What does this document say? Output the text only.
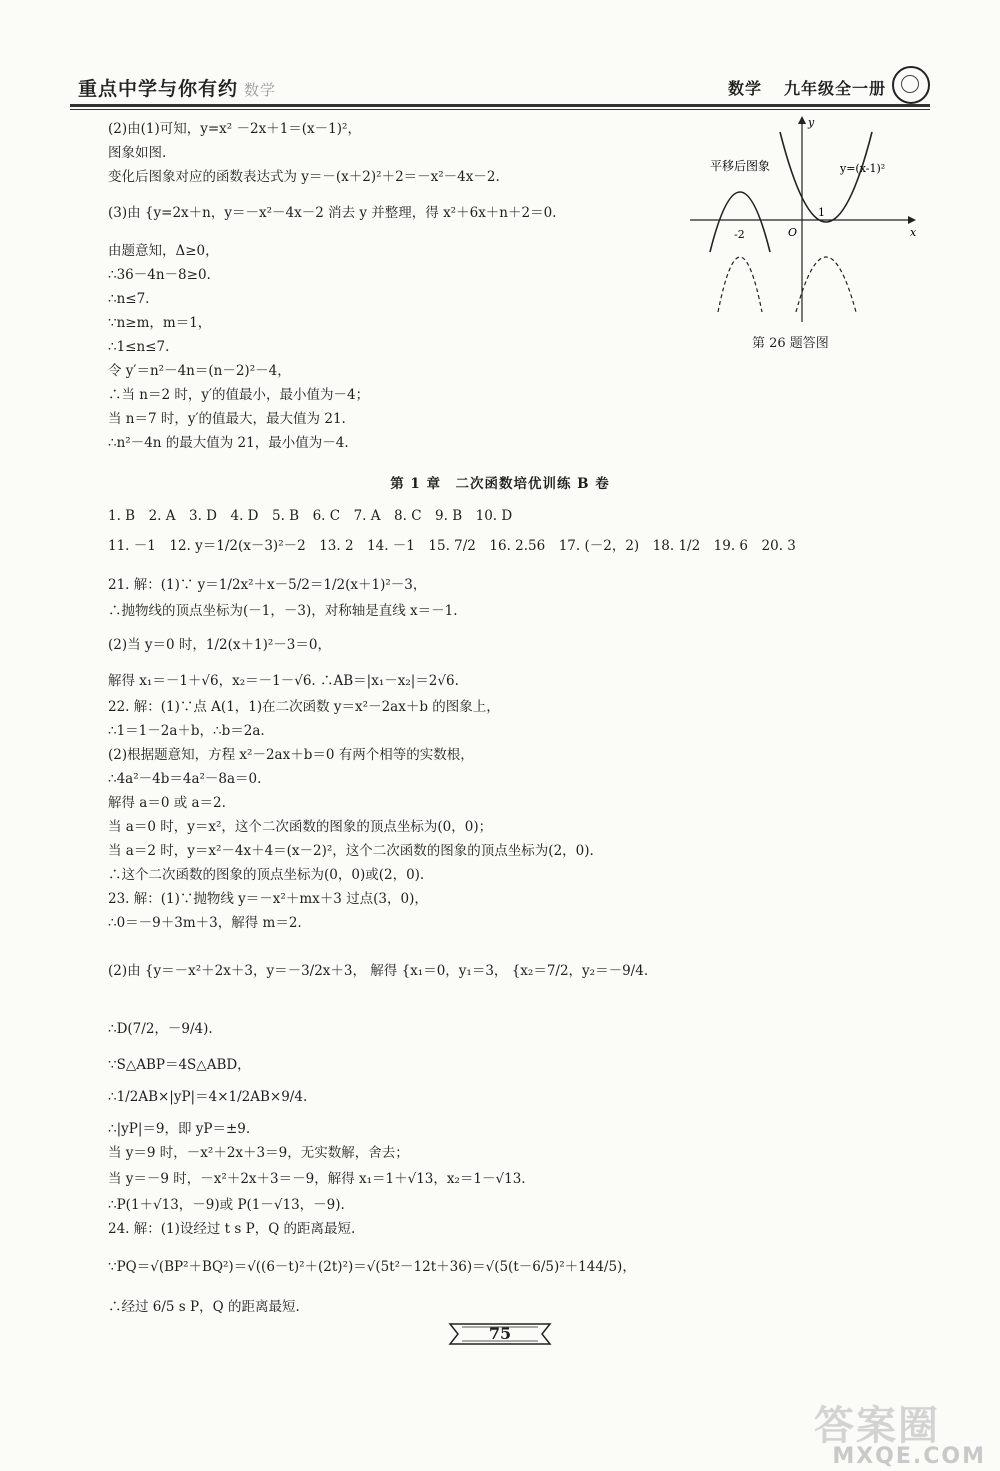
重点中学与你有约 数学	数学 九年级全一册
(2)由(1)可知，y=x² －2x＋1＝(x－1)²，
图象如图.
变化后图象对应的函数表达式为 y＝－(x＋2)²＋2＝－x²－4x－2.
(3)由 {y=2x＋n，y＝－x²－4x－2 消去 y 并整理，得 x²＋6x＋n＋2＝0.
由题意知，Δ≥0，
∴36－4n－8≥0.
∴n≤7.
∵n≥m，m＝1，
∴1≤n≤7.
令 y′＝n²－4n＝(n－2)²－4，
∴当 n＝2 时，y′的值最小，最小值为－4；
当 n＝7 时，y′的值最大，最大值为 21.
∴n²－4n 的最大值为 21，最小值为－4.
平移后图象	y=(x-1)²
x
y
-2	O
1
第 26 题答图
第 1 章　二次函数培优训练 B 卷
1. B　2. A　3. D　4. D　5. B　6. C　7. A　8. C　9. B　10. D
11. －1　12. y＝1/2(x－3)²－2　13. 2　14. －1　15. 7/2　16. 2.56　17. (－2，2)　18. 1/2　19. 6　20. 3
21. 解：(1)∵ y＝1/2x²＋x－5/2＝1/2(x＋1)²－3，
∴抛物线的顶点坐标为(－1，－3)，对称轴是直线 x＝－1.
(2)当 y＝0 时，1/2(x＋1)²－3＝0，
解得 x₁＝－1＋√6，x₂＝－1－√6. ∴AB＝|x₁－x₂|＝2√6.
22. 解：(1)∵点 A(1，1)在二次函数 y＝x²－2ax＋b 的图象上，
∴1＝1－2a＋b，∴b＝2a.
(2)根据题意知，方程 x²－2ax＋b＝0 有两个相等的实数根，
∴4a²－4b＝4a²－8a＝0.
解得 a＝0 或 a＝2.
当 a＝0 时，y＝x²，这个二次函数的图象的顶点坐标为(0，0)；
当 a＝2 时，y＝x²－4x＋4＝(x－2)²，这个二次函数的图象的顶点坐标为(2，0).
∴这个二次函数的图象的顶点坐标为(0，0)或(2，0).
23. 解：(1)∵抛物线 y＝－x²＋mx＋3 过点(3，0)，
∴0＝－9＋3m＋3，解得 m＝2.
(2)由 {y＝－x²＋2x＋3，y＝－3/2x＋3， 解得 {x₁＝0，y₁＝3， {x₂＝7/2，y₂＝－9/4.
∴D(7/2，－9/4).
∵S△ABP＝4S△ABD，
∴1/2AB×|yP|＝4×1/2AB×9/4.
∴|yP|＝9，即 yP＝±9.
当 y＝9 时，－x²＋2x＋3＝9，无实数解，舍去；
当 y＝－9 时，－x²＋2x＋3＝－9，解得 x₁＝1＋√13，x₂＝1－√13.
∴P(1＋√13，－9)或 P(1－√13，－9).
24. 解：(1)设经过 t s P，Q 的距离最短.
∵PQ＝√(BP²＋BQ²)＝√((6－t)²＋(2t)²)＝√(5t²－12t＋36)＝√(5(t－6/5)²＋144/5)，
∴经过 6/5 s P，Q 的距离最短.
75
答案圈
MXQE.COM
